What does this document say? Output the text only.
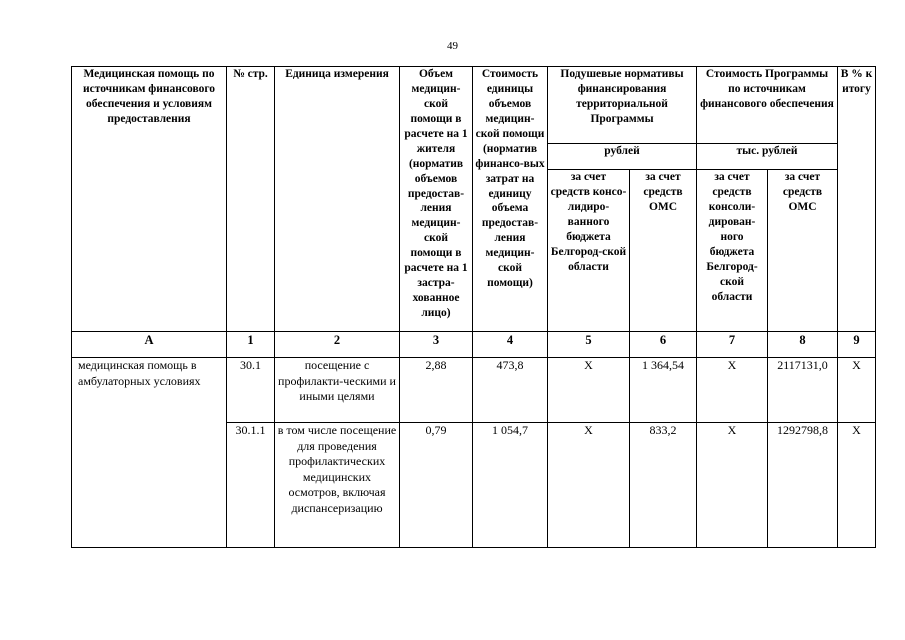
49
Медицинская помощь по источникам финансового обеспечения и условиям предоставления	№ стр.	Единица измерения	Объем медицин-ской помощи в расчете на 1 жителя (норматив объемов предостав-ления медицин-ской помощи в расчете на 1 застра-хованное лицо)	Стоимость единицы объемов медицин-ской помощи (норматив финансо-вых затрат на единицу объема предостав-ления медицин-ской помощи)	Подушевые нормативы финансирования территориальной Программы		Стоимость Программы по источникам финансового обеспечения		В % к итогу
					рублей		тыс. рублей		
					за счет средств консо-лидиро-ванного бюджета Белгород-ской области	за счет средств ОМС	за счет средств консоли-дирован-ного бюджета Белгород-ской области	за счет средств ОМС	
А	1	2	3	4	5	6	7	8	9
медицинская помощь в амбулаторных условиях	30.1	посещение с профилакти-ческими и иными целями	2,88	473,8	Х	1 364,54	Х	2117131,0	Х
	30.1.1	в том числе посещение для проведения профилактических медицинских осмотров, включая диспансеризацию	0,79	1 054,7	Х	833,2	Х	1292798,8	Х
